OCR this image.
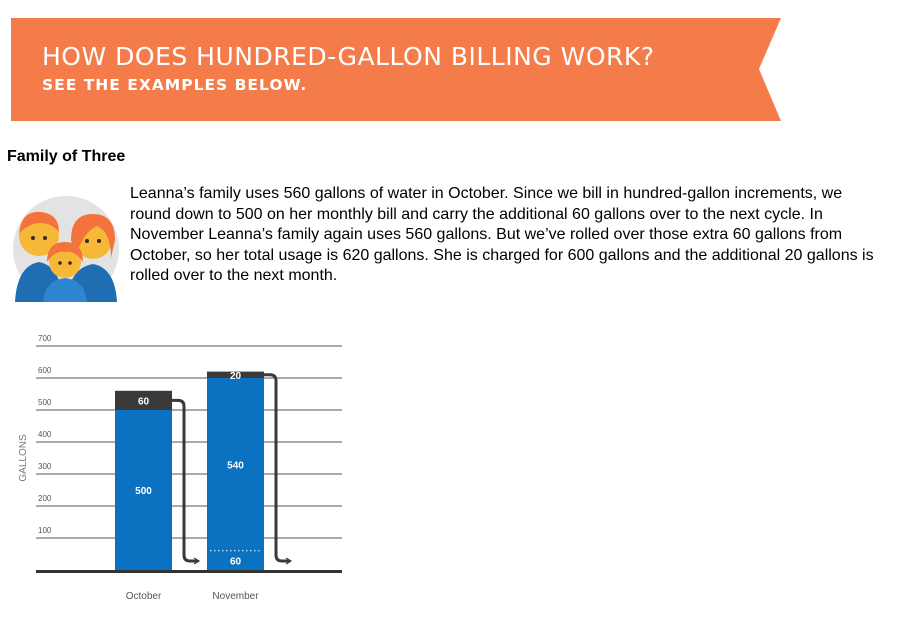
HOW DOES HUNDRED-GALLON BILLING WORK?
SEE THE EXAMPLES BELOW.
Family of Three

Leanna’s family uses 560 gallons of water in October. Since we bill in hundred-gallon increments, we round down to 500 on her monthly bill and carry the additional 60 gallons over to the next cycle. In November Leanna’s family again uses 560 gallons. But we’ve rolled over those extra 60 gallons from October, so her total usage is 620 gallons. She is charged for 600 gallons and the additional 20 gallons is rolled over to the next month.

100
200
300
400
500
600
700
GALLONS
500
60
October
60
540
20
November
